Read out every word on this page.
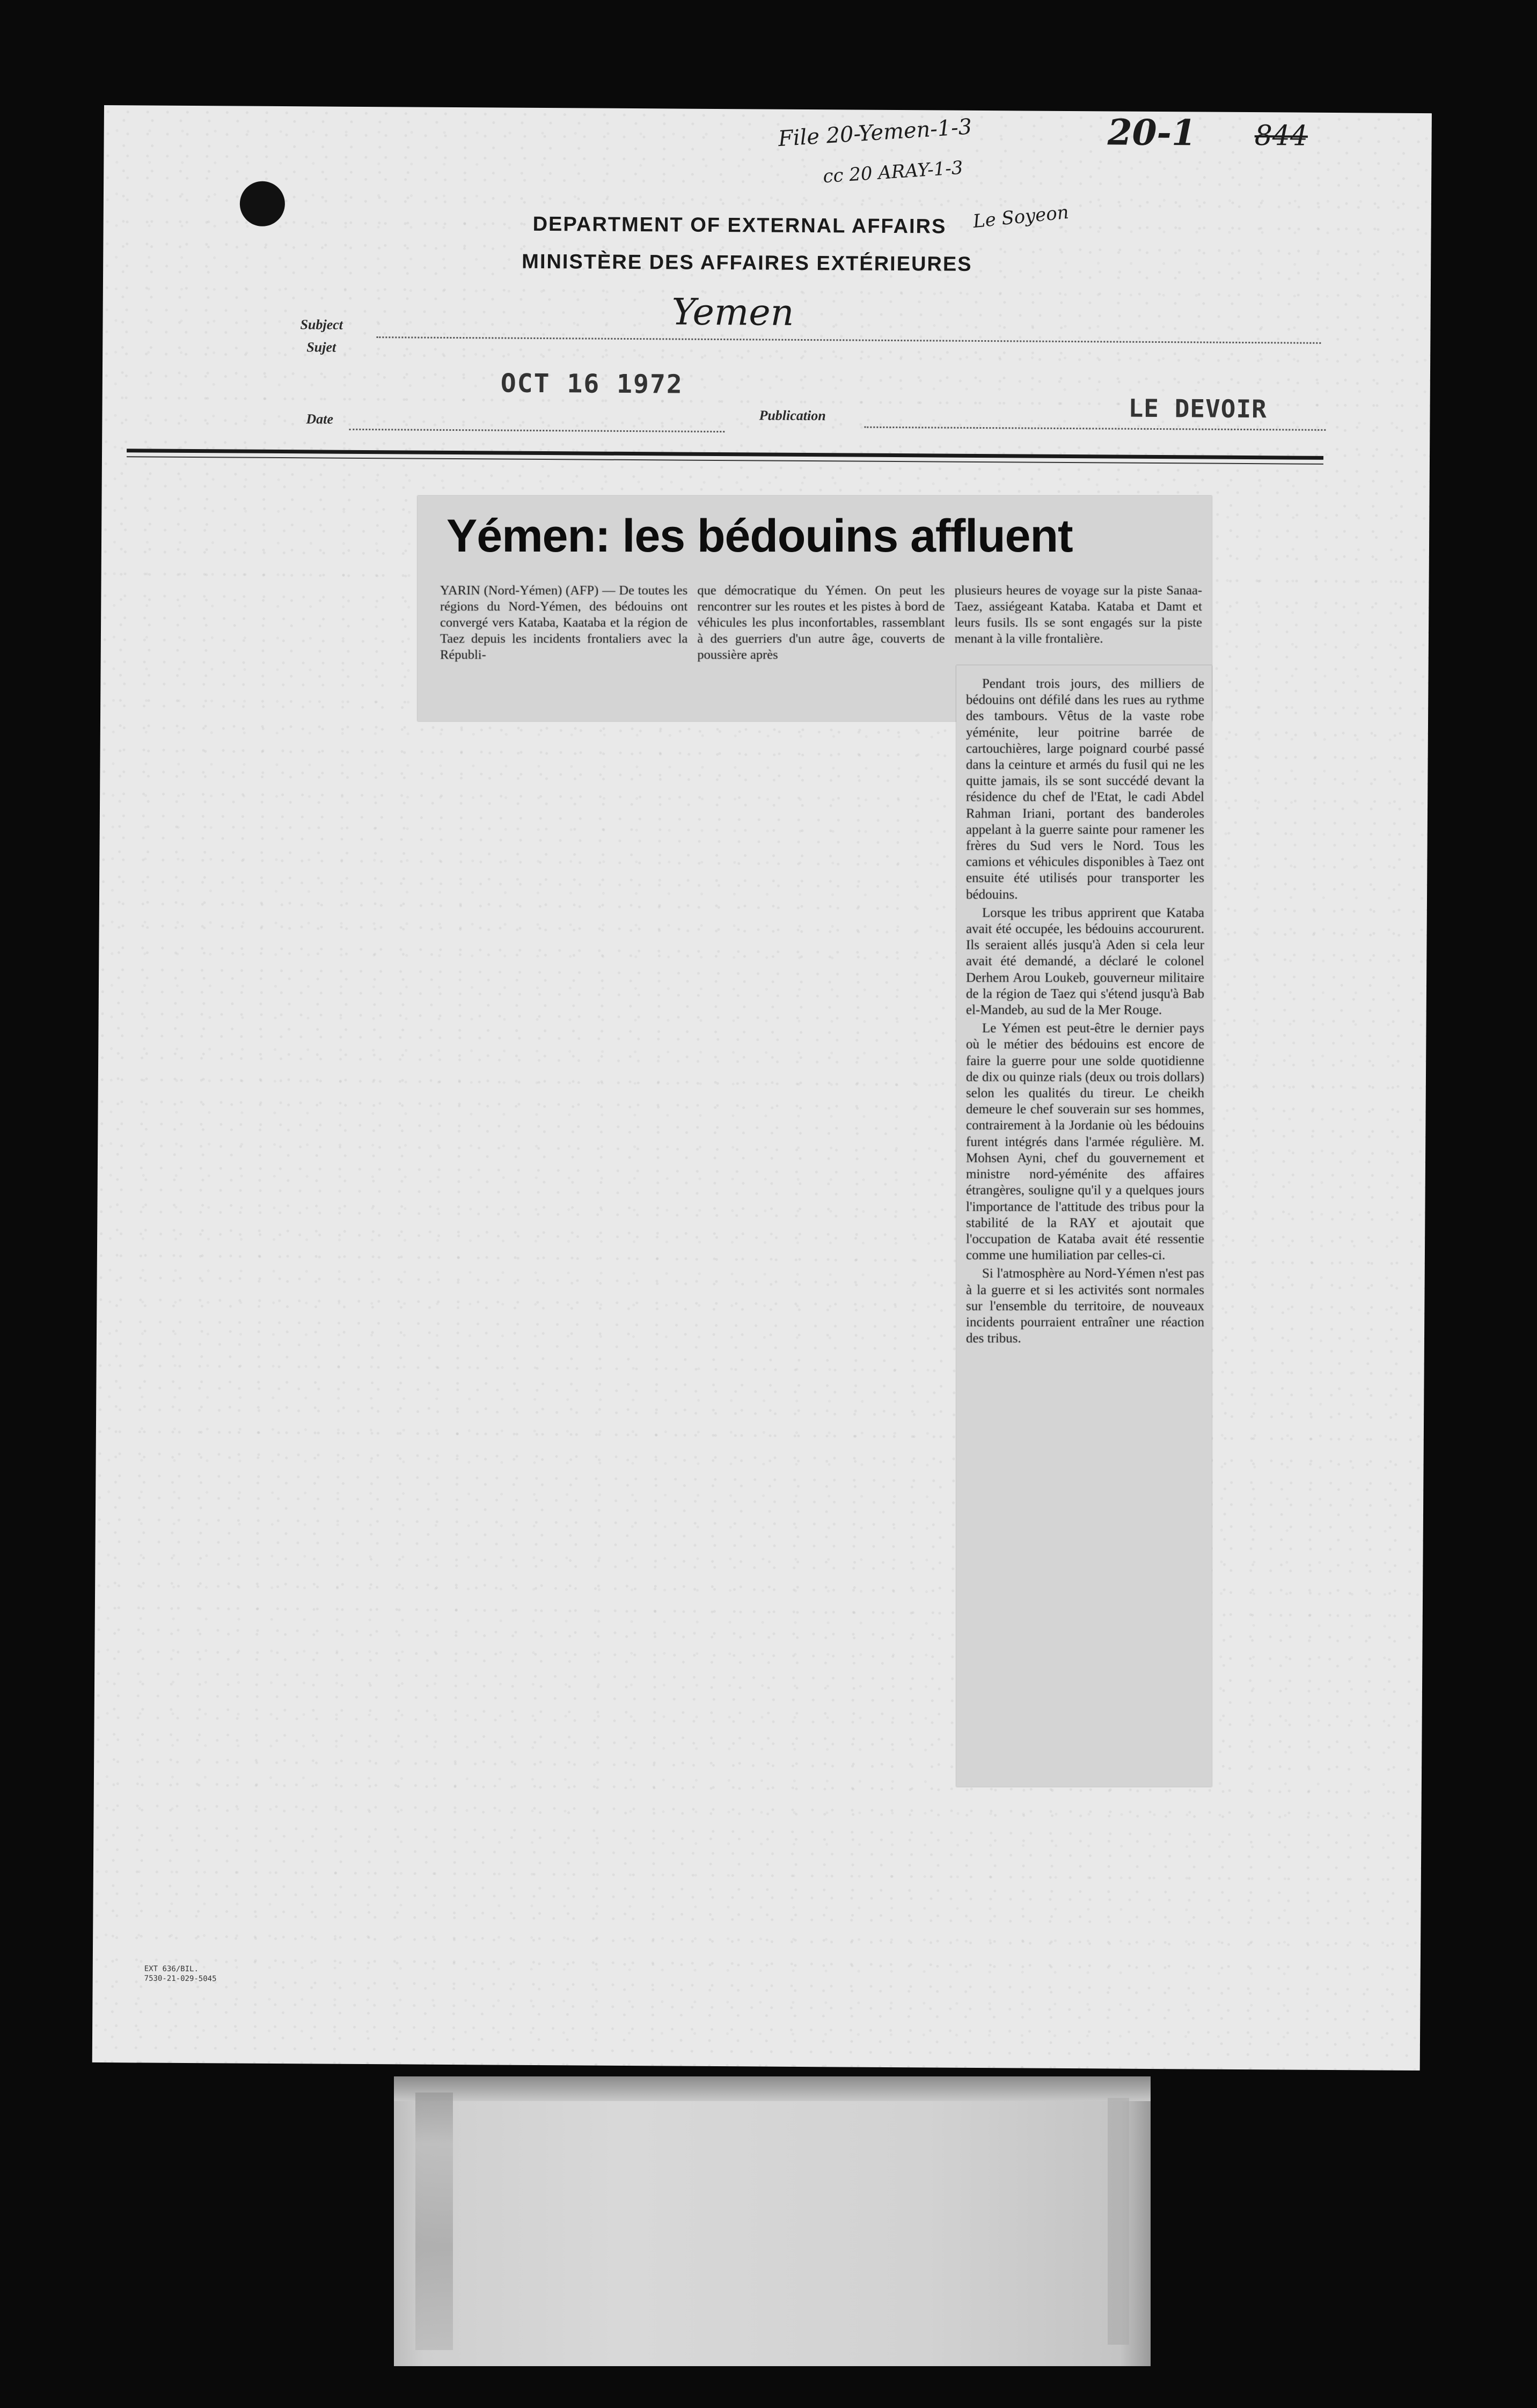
DEPARTMENT OF EXTERNAL AFFAIRS
MINISTÈRE DES AFFAIRES EXTÉRIEURES
File 20-Yemen-1-3
cc 20 ARAY-1-3
20-1 844
Le Soyeon
Subject
Sujet
Yemen
Date
OCT 16 1972
Publication	LE DEVOIR
EXT 636/BIL.
7530-21-029-5045
Yémen: les bédouins affluent
YARIN (Nord-Yémen) (AFP) — De toutes les régions du Nord-Yémen, des bédouins ont convergé vers Kataba, Kaataba et la région de Taez depuis les incidents frontaliers avec la Républi-
que démocratique du Yémen. On peut les rencontrer sur les routes et les pistes à bord de véhicules les plus inconfortables, rassemblant à des guerriers d'un autre âge, couverts de poussière après
plusieurs heures de voyage sur la piste Sanaa-Taez, assiégeant Kataba. Kataba et Damt et leurs fusils. Ils se sont engagés sur la piste menant à la ville frontalière.

Pendant trois jours, des milliers de bédouins ont défilé dans les rues au rythme des tambours. Vêtus de la vaste robe yéménite, leur poitrine barrée de cartouchières, large poignard courbé passé dans la ceinture et armés du fusil qui ne les quitte jamais, ils se sont succédé devant la résidence du chef de l'Etat, le cadi Abdel Rahman Iriani, portant des banderoles appelant à la guerre sainte pour ramener les frères du Sud vers le Nord. Tous les camions et véhicules disponibles à Taez ont ensuite été utilisés pour transporter les bédouins.

Lorsque les tribus apprirent que Kataba avait été occupée, les bédouins accoururent. Ils seraient allés jusqu'à Aden si cela leur avait été demandé, a déclaré le colonel Derhem Arou Loukeb, gouverneur militaire de la région de Taez qui s'étend jusqu'à Bab el-Mandeb, au sud de la Mer Rouge.

Le Yémen est peut-être le dernier pays où le métier des bédouins est encore de faire la guerre pour une solde quotidienne de dix ou quinze rials (deux ou trois dollars) selon les qualités du tireur. Le cheikh demeure le chef souverain sur ses hommes, contrairement à la Jordanie où les bédouins furent intégrés dans l'armée régulière. M. Mohsen Ayni, chef du gouvernement et ministre nord-yéménite des affaires étrangères, souligne qu'il y a quelques jours l'importance de l'attitude des tribus pour la stabilité de la RAY et ajoutait que l'occupation de Kataba avait été ressentie comme une humiliation par celles-ci.

Si l'atmosphère au Nord-Yémen n'est pas à la guerre et si les activités sont normales sur l'ensemble du territoire, de nouveaux incidents pourraient entraîner une réaction des tribus.
